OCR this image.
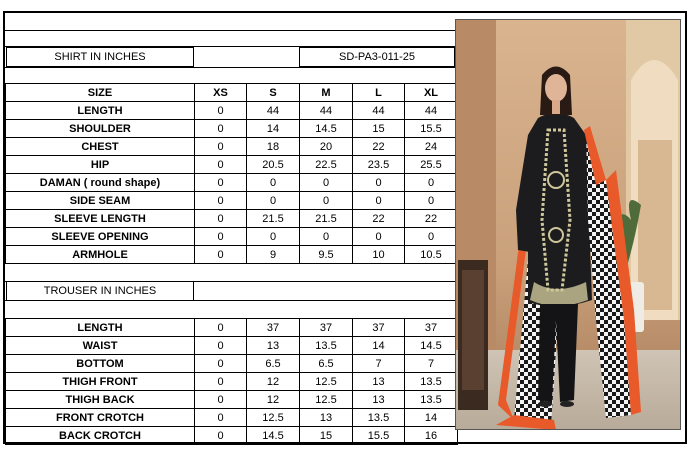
SHIRT IN INCHES	SD-PA3-011-25
SIZE	XS	S	M	L	XL
LENGTH	0	44	44	44	44
SHOULDER	0	14	14.5	15	15.5
CHEST	0	18	20	22	24
HIP	0	20.5	22.5	23.5	25.5
DAMAN ( round shape)	0	0	0	0	0
SIDE SEAM	0	0	0	0	0
SLEEVE LENGTH	0	21.5	21.5	22	22
SLEEVE OPENING	0	0	0	0	0
ARMHOLE	0	9	9.5	10	10.5
TROUSER IN INCHES
LENGTH	0	37	37	37	37
WAIST	0	13	13.5	14	14.5
BOTTOM	0	6.5	6.5	7	7
THIGH FRONT	0	12	12.5	13	13.5
THIGH BACK	0	12	12.5	13	13.5
FRONT CROTCH	0	12.5	13	13.5	14
BACK CROTCH	0	14.5	15	15.5	16
